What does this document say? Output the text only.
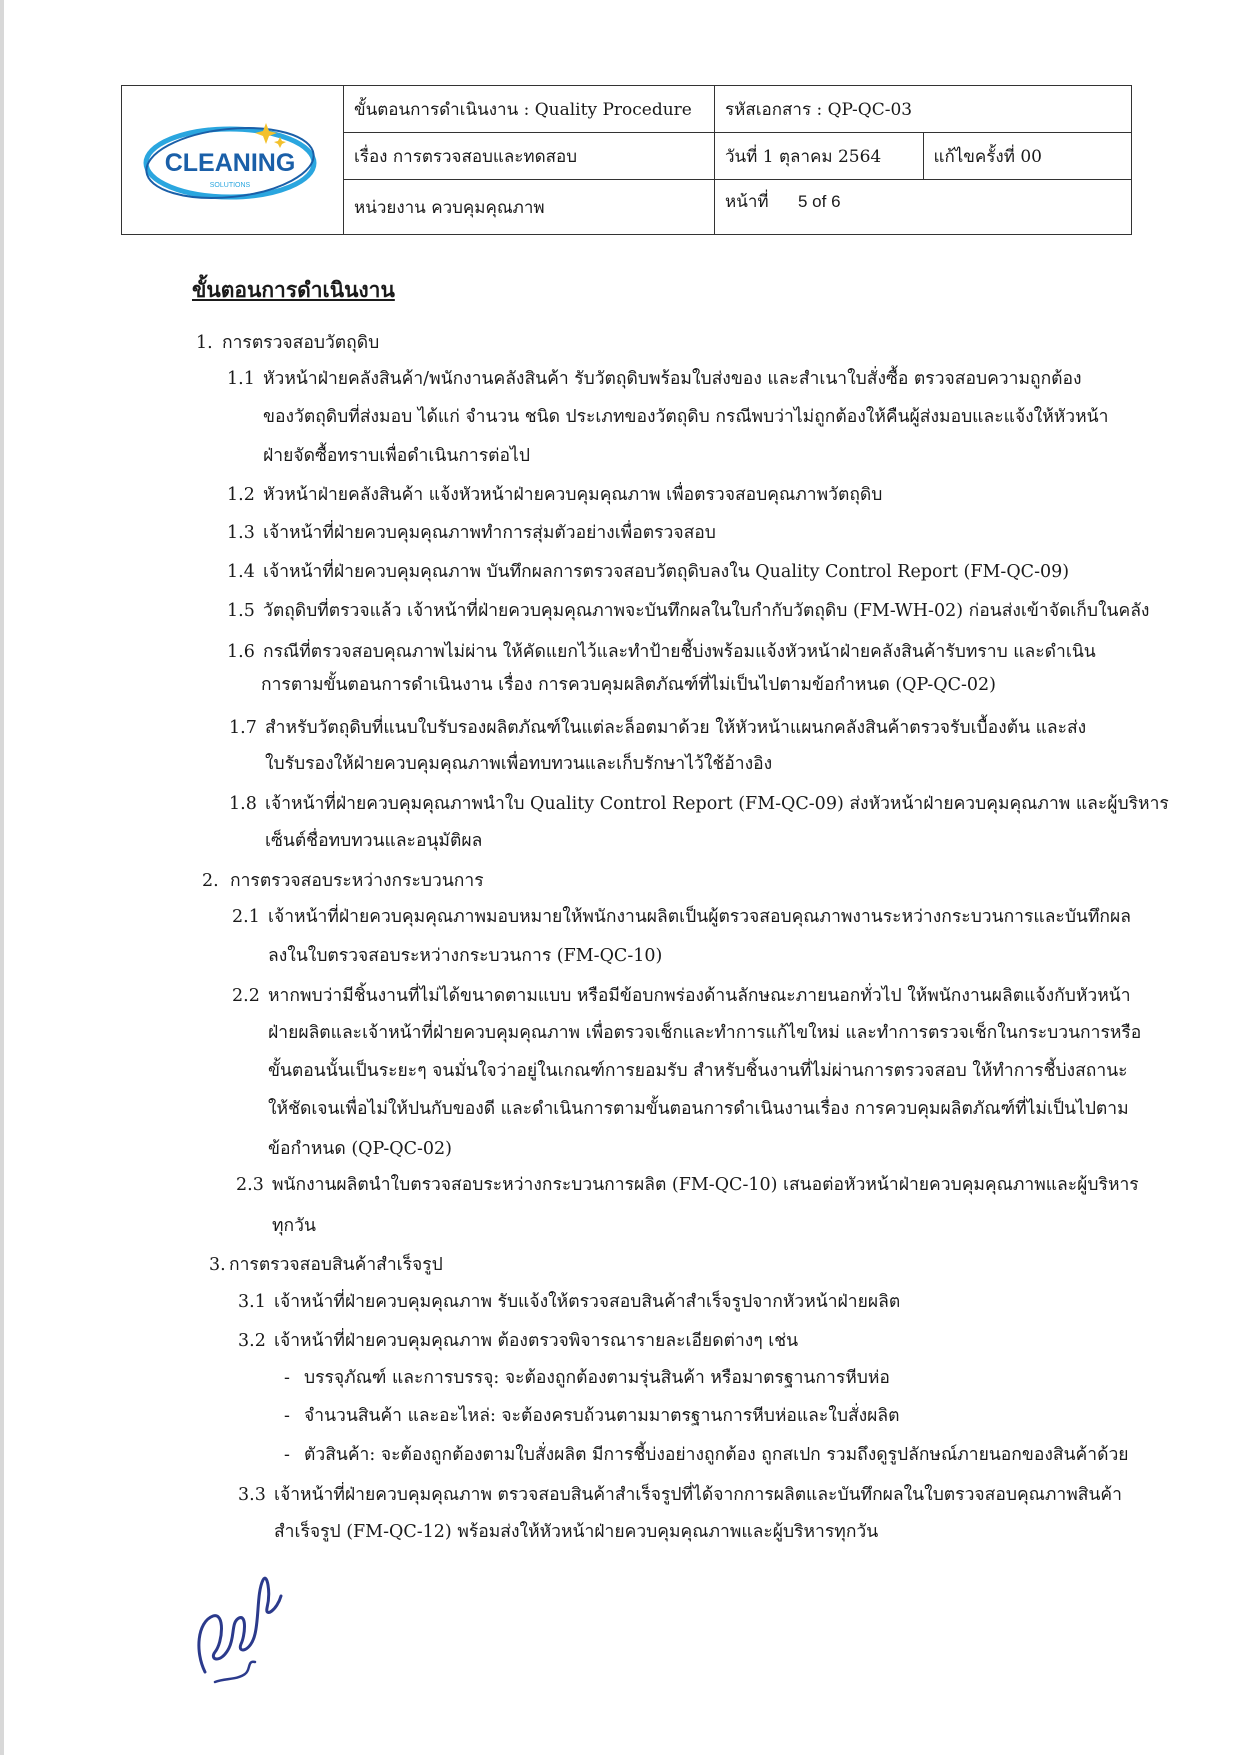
CLEANING
SOLUTIONS	ขั้นตอนการดำเนินงาน : Quality Procedure	รหัสเอกสาร : QP-QC-03	
	เรื่อง การตรวจสอบและทดสอบ	วันที่ 1 ตุลาคม 2564	แก้ไขครั้งที่ 00
	หน่วยงาน ควบคุมคุณภาพ	หน้าที่ 5 of 6	
ขั้นตอนการดำเนินงาน
1. การตรวจสอบวัตถุดิบ
1.1 หัวหน้าฝ่ายคลังสินค้า/พนักงานคลังสินค้า รับวัตถุดิบพร้อมใบส่งของ และสำเนาใบสั่งซื้อ ตรวจสอบความถูกต้อง
ของวัตถุดิบที่ส่งมอบ ได้แก่ จำนวน ชนิด ประเภทของวัตถุดิบ กรณีพบว่าไม่ถูกต้องให้คืนผู้ส่งมอบและแจ้งให้หัวหน้า
ฝ่ายจัดซื้อทราบเพื่อดำเนินการต่อไป
1.2 หัวหน้าฝ่ายคลังสินค้า แจ้งหัวหน้าฝ่ายควบคุมคุณภาพ เพื่อตรวจสอบคุณภาพวัตถุดิบ
1.3 เจ้าหน้าที่ฝ่ายควบคุมคุณภาพทำการสุ่มตัวอย่างเพื่อตรวจสอบ
1.4 เจ้าหน้าที่ฝ่ายควบคุมคุณภาพ บันทึกผลการตรวจสอบวัตถุดิบลงใน Quality Control Report (FM-QC-09)
1.5 วัตถุดิบที่ตรวจแล้ว เจ้าหน้าที่ฝ่ายควบคุมคุณภาพจะบันทึกผลในใบกำกับวัตถุดิบ (FM-WH-02) ก่อนส่งเข้าจัดเก็บในคลัง
1.6 กรณีที่ตรวจสอบคุณภาพไม่ผ่าน ให้คัดแยกไว้และทำป้ายชี้บ่งพร้อมแจ้งหัวหน้าฝ่ายคลังสินค้ารับทราบ และดำเนิน
การตามขั้นตอนการดำเนินงาน เรื่อง การควบคุมผลิตภัณฑ์ที่ไม่เป็นไปตามข้อกำหนด (QP-QC-02)
1.7 สำหรับวัตถุดิบที่แนบใบรับรองผลิตภัณฑ์ในแต่ละล็อตมาด้วย ให้หัวหน้าแผนกคลังสินค้าตรวจรับเบื้องต้น และส่ง
ใบรับรองให้ฝ่ายควบคุมคุณภาพเพื่อทบทวนและเก็บรักษาไว้ใช้อ้างอิง
1.8 เจ้าหน้าที่ฝ่ายควบคุมคุณภาพนำใบ Quality Control Report (FM-QC-09) ส่งหัวหน้าฝ่ายควบคุมคุณภาพ และผู้บริหาร
เซ็นต์ชื่อทบทวนและอนุมัติผล
2. การตรวจสอบระหว่างกระบวนการ
2.1 เจ้าหน้าที่ฝ่ายควบคุมคุณภาพมอบหมายให้พนักงานผลิตเป็นผู้ตรวจสอบคุณภาพงานระหว่างกระบวนการและบันทึกผล
ลงในใบตรวจสอบระหว่างกระบวนการ (FM-QC-10)
2.2 หากพบว่ามีชิ้นงานที่ไม่ได้ขนาดตามแบบ หรือมีข้อบกพร่องด้านลักษณะภายนอกทั่วไป ให้พนักงานผลิตแจ้งกับหัวหน้า
ฝ่ายผลิตและเจ้าหน้าที่ฝ่ายควบคุมคุณภาพ เพื่อตรวจเช็กและทำการแก้ไขใหม่ และทำการตรวจเช็กในกระบวนการหรือ
ขั้นตอนนั้นเป็นระยะๆ จนมั่นใจว่าอยู่ในเกณฑ์การยอมรับ สำหรับชิ้นงานที่ไม่ผ่านการตรวจสอบ ให้ทำการชี้บ่งสถานะ
ให้ชัดเจนเพื่อไม่ให้ปนกับของดี และดำเนินการตามขั้นตอนการดำเนินงานเรื่อง การควบคุมผลิตภัณฑ์ที่ไม่เป็นไปตาม
ข้อกำหนด (QP-QC-02)
2.3 พนักงานผลิตนำใบตรวจสอบระหว่างกระบวนการผลิต (FM-QC-10) เสนอต่อหัวหน้าฝ่ายควบคุมคุณภาพและผู้บริหาร
ทุกวัน
3. การตรวจสอบสินค้าสำเร็จรูป
3.1 เจ้าหน้าที่ฝ่ายควบคุมคุณภาพ รับแจ้งให้ตรวจสอบสินค้าสำเร็จรูปจากหัวหน้าฝ่ายผลิต
3.2 เจ้าหน้าที่ฝ่ายควบคุมคุณภาพ ต้องตรวจพิจารณารายละเอียดต่างๆ เช่น
- บรรจุภัณฑ์ และการบรรจุ: จะต้องถูกต้องตามรุ่นสินค้า หรือมาตรฐานการหีบห่อ
- จำนวนสินค้า และอะไหล่: จะต้องครบถ้วนตามมาตรฐานการหีบห่อและใบสั่งผลิต
- ตัวสินค้า: จะต้องถูกต้องตามใบสั่งผลิต มีการชี้บ่งอย่างถูกต้อง ถูกสเปก รวมถึงดูรูปลักษณ์ภายนอกของสินค้าด้วย
3.3 เจ้าหน้าที่ฝ่ายควบคุมคุณภาพ ตรวจสอบสินค้าสำเร็จรูปที่ได้จากการผลิตและบันทึกผลในใบตรวจสอบคุณภาพสินค้า
สำเร็จรูป (FM-QC-12) พร้อมส่งให้หัวหน้าฝ่ายควบคุมคุณภาพและผู้บริหารทุกวัน
